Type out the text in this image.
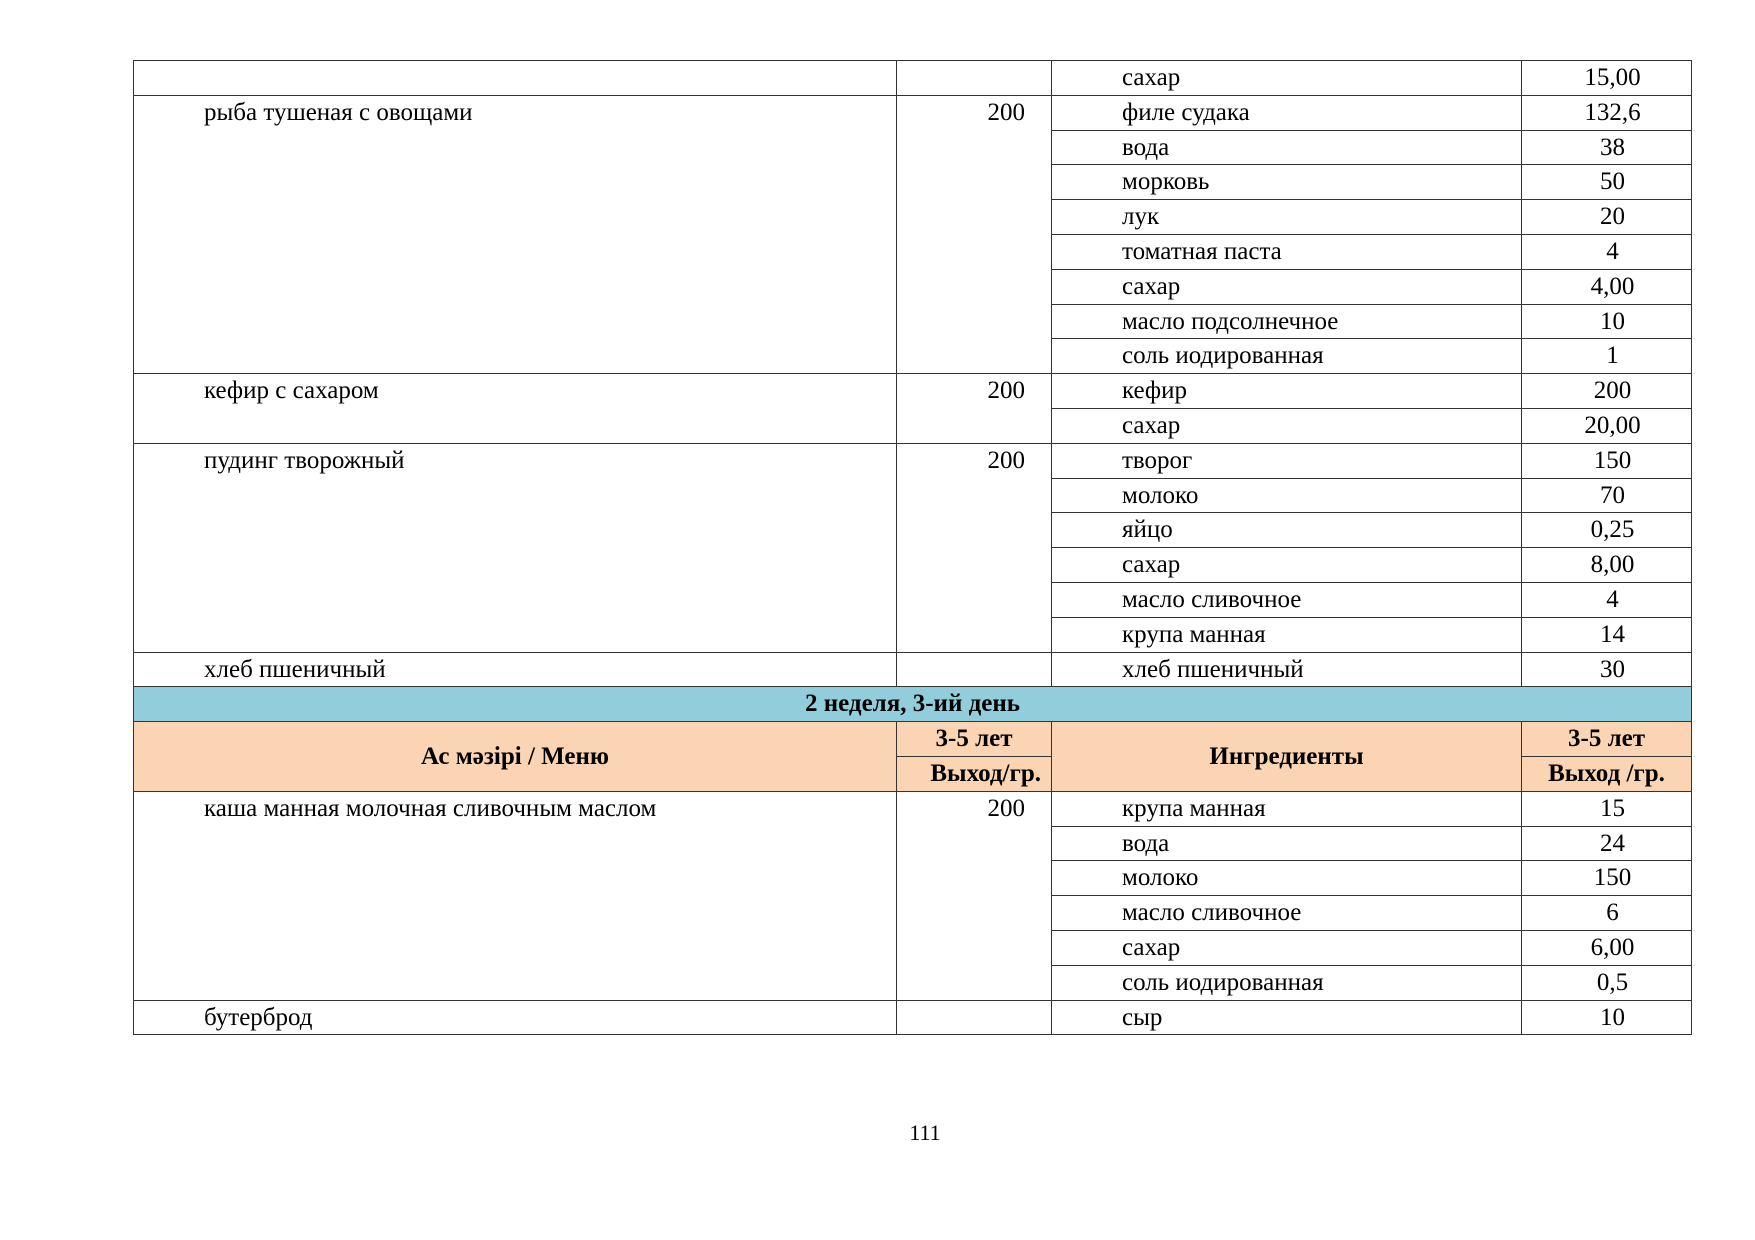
		сахар	15,00
рыба тушеная с овощами	200	филе судака	132,6
		вода	38
		морковь	50
		лук	20
		томатная паста	4
		сахар	4,00
		масло подсолнечное	10
		соль иодированная	1
кефир с сахаром	200	кефир	200
		сахар	20,00
пудинг творожный	200	творог	150
		молоко	70
		яйцо	0,25
		сахар	8,00
		масло сливочное	4
		крупа манная	14
хлеб пшеничный		хлеб пшеничный	30
2 неделя, 3-ий день			
Ас мәзірі / Меню	3-5 лет	Ингредиенты	3-5 лет
	Выход/гр.		Выход /гр.
каша манная молочная сливочным маслом	200	крупа манная	15
		вода	24
		молоко	150
		масло сливочное	6
		сахар	6,00
		соль иодированная	0,5
бутерброд		сыр	10
111
